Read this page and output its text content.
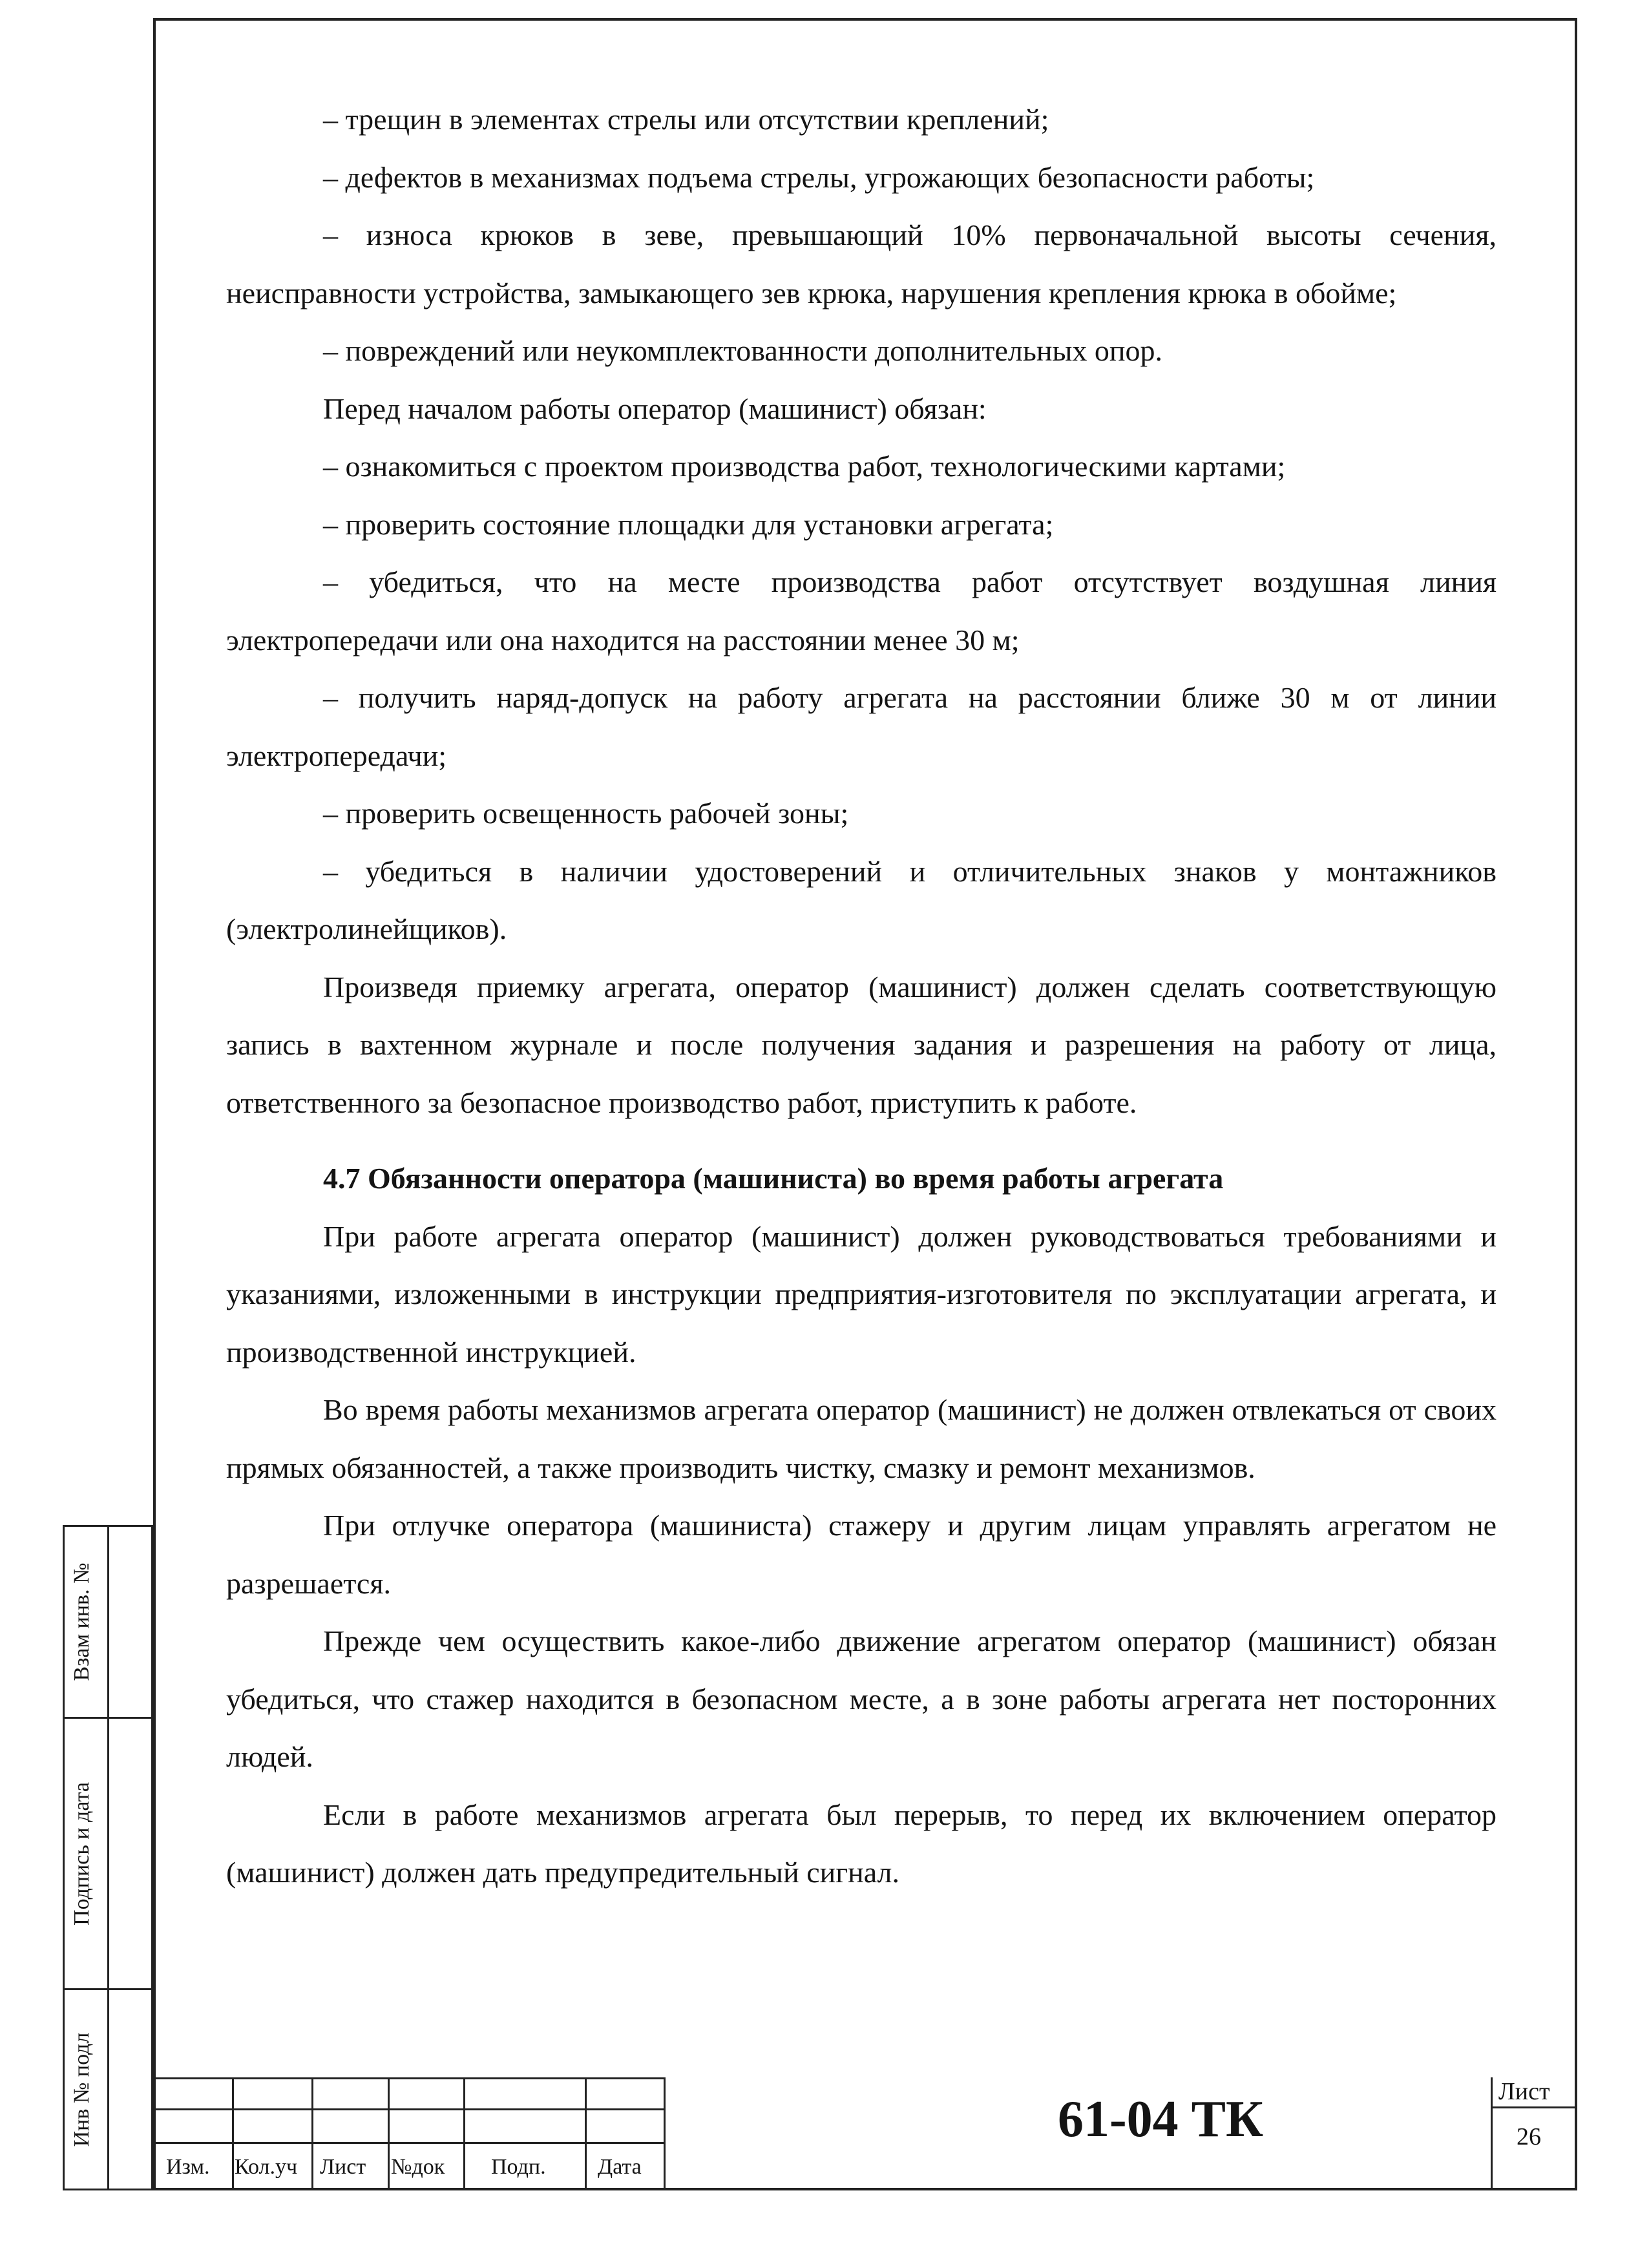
– трещин в элементах стрелы или отсутствии креплений;

– дефектов в механизмах подъема стрелы, угрожающих безопасности работы;

– износа крюков в зеве, превышающий 10% первоначальной высоты сечения, неисправности устройства, замыкающего зев крюка, нарушения крепления крюка в обойме;

– повреждений или неукомплектованности дополнительных опор.

Перед началом работы оператор (машинист) обязан:

– ознакомиться с проектом производства работ, технологическими картами;

– проверить состояние площадки для установки агрегата;

– убедиться, что на месте производства работ отсутствует воздушная линия электропередачи или она находится на расстоянии менее 30 м;

– получить наряд-допуск на работу агрегата на расстоянии ближе 30 м от линии электропередачи;

– проверить освещенность рабочей зоны;

– убедиться в наличии удостоверений и отличительных знаков у монтажников (электролинейщиков).

Произведя приемку агрегата, оператор (машинист) должен сделать соответствующую запись в вахтенном журнале и после получения задания и разрешения на работу от лица, ответственного за безопасное производство работ, приступить к работе.

4.7 Обязанности оператора (машиниста) во время работы агрегата

При работе агрегата оператор (машинист) должен руководствоваться требованиями и указаниями, изложенными в инструкции предприятия-изготовителя по эксплуатации агрегата, и производственной инструкцией.

Во время работы механизмов агрегата оператор (машинист) не должен отвлекаться от своих прямых обязанностей, а также производить чистку, смазку и ремонт механизмов.

При отлучке оператора (машиниста) стажеру и другим лицам управлять агрегатом не разрешается.

Прежде чем осуществить какое-либо движение агрегатом оператор (машинист) обязан убедиться, что стажер находится в безопасном месте, а в зоне работы агрегата нет посторонних людей.

Если в работе механизмов агрегата был перерыв, то перед их включением оператор (машинист) должен дать предупредительный сигнал.

Взам инв. №
Подпись и дата
Инв № подл
Изм. Кол.уч Лист №док Подп. Дата
61-04 ТК	Лист
26
